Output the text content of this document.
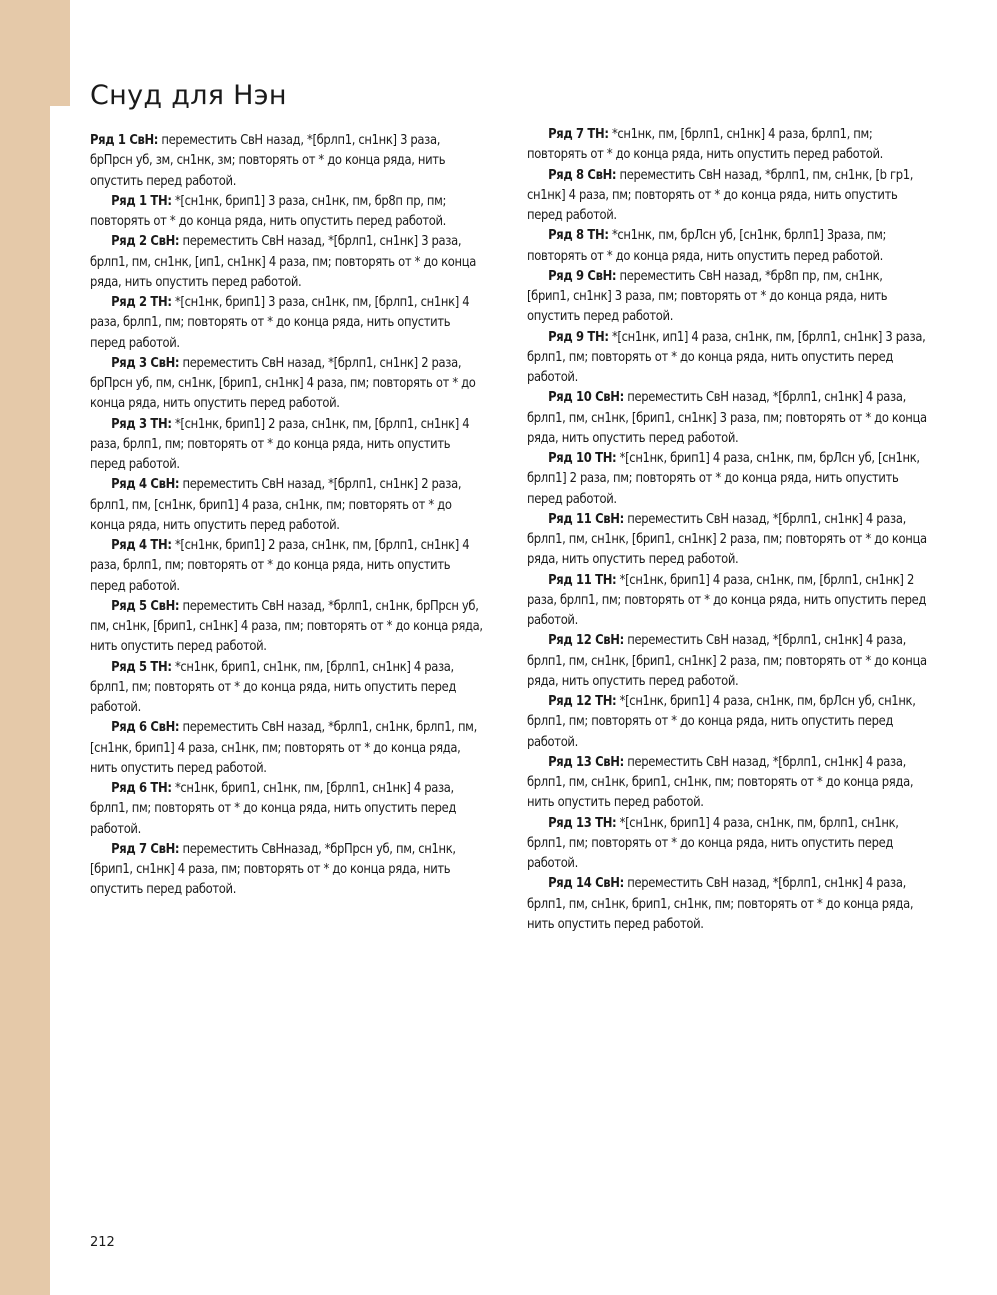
Снуд для Нэн

Ряд 1 СвН: переместить СвН назад, *[брлп1, сн1нк] 3 раза, брПрсн уб, зм, сн1нк, зм; повторять от * до конца ряда, нить опустить перед работой.

Ряд 1 ТН: *[сн1нк, брип1] 3 раза, сн1нк, пм, бр8п пр, пм; повторять от * до конца ряда, нить опустить перед работой.

Ряд 2 СвН: переместить СвН назад, *[брлп1, сн1нк] 3 раза, брлп1, пм, сн1нк, [ип1, сн1нк] 4 раза, пм; повторять от * до конца ряда, нить опустить перед работой.

Ряд 2 ТН: *[сн1нк, брип1] 3 раза, сн1нк, пм, [брлп1, сн1нк] 4 раза, брлп1, пм; повторять от * до конца ряда, нить опустить перед работой.

Ряд 3 СвН: переместить СвН назад, *[брлп1, сн1нк] 2 раза, брПрсн уб, пм, сн1нк, [брип1, сн1нк] 4 раза, пм; повторять от * до конца ряда, нить опустить перед работой.

Ряд 3 ТН: *[сн1нк, брип1] 2 раза, сн1нк, пм, [брлп1, сн1нк] 4 раза, брлп1, пм; повторять от * до конца ряда, нить опустить перед работой.

Ряд 4 СвН: переместить СвН назад, *[брлп1, сн1нк] 2 раза, брлп1, пм, [сн1нк, брип1] 4 раза, сн1нк, пм; повторять от * до конца ряда, нить опустить перед работой.

Ряд 4 ТН: *[сн1нк, брип1] 2 раза, сн1нк, пм, [брлп1, сн1нк] 4 раза, брлп1, пм; повторять от * до конца ряда, нить опустить перед работой.

Ряд 5 СвН: переместить СвН назад, *брлп1, сн1нк, брПрсн уб, пм, сн1нк, [брип1, сн1нк] 4 раза, пм; повторять от * до конца ряда, нить опустить перед работой.

Ряд 5 ТН: *сн1нк, брип1, сн1нк, пм, [брлп1, сн1нк] 4 раза, брлп1, пм; повторять от * до конца ряда, нить опустить перед работой.

Ряд 6 СвН: переместить СвН назад, *брлп1, сн1нк, брлп1, пм, [сн1нк, брип1] 4 раза, сн1нк, пм; повторять от * до конца ряда, нить опустить перед работой.

Ряд 6 ТН: *сн1нк, брип1, сн1нк, пм, [брлп1, сн1нк] 4 раза, брлп1, пм; повторять от * до конца ряда, нить опустить перед работой.

Ряд 7 СвН: переместить СвНназад, *брПрсн уб, пм, сн1нк, [брип1, сн1нк] 4 раза, пм; повторять от * до конца ряда, нить опустить перед работой.

Ряд 7 ТН: *сн1нк, пм, [брлп1, сн1нк] 4 раза, брлп1, пм; повторять от * до конца ряда, нить опустить перед работой.

Ряд 8 СвН: переместить СвН назад, *брлп1, пм, сн1нк, [b гр1, сн1нк] 4 раза, пм; повторять от * до конца ряда, нить опустить перед работой.

Ряд 8 ТН: *сн1нк, пм, брЛсн уб, [сн1нк, брлп1] 3раза, пм; повторять от * до конца ряда, нить опустить перед работой.

Ряд 9 СвН: переместить СвН назад, *бр8п пр, пм, сн1нк, [брип1, сн1нк] 3 раза, пм; повторять от * до конца ряда, нить опустить перед работой.

Ряд 9 ТН: *[сн1нк, ип1] 4 раза, сн1нк, пм, [брлп1, сн1нк] 3 раза, брлп1, пм; повторять от * до конца ряда, нить опустить перед работой.

Ряд 10 СвН: переместить СвН назад, *[брлп1, сн1нк] 4 раза, брлп1, пм, сн1нк, [брип1, сн1нк] 3 раза, пм; повторять от * до конца ряда, нить опустить перед работой.

Ряд 10 ТН: *[сн1нк, брип1] 4 раза, сн1нк, пм, брЛсн уб, [сн1нк, брлп1] 2 раза, пм; повторять от * до конца ряда, нить опустить перед работой.

Ряд 11 СвН: переместить СвН назад, *[брлп1, сн1нк] 4 раза, брлп1, пм, сн1нк, [брип1, сн1нк] 2 раза, пм; повторять от * до конца ряда, нить опустить перед работой.

Ряд 11 ТН: *[сн1нк, брип1] 4 раза, сн1нк, пм, [брлп1, сн1нк] 2 раза, брлп1, пм; повторять от * до конца ряда, нить опустить перед работой.

Ряд 12 СвН: переместить СвН назад, *[брлп1, сн1нк] 4 раза, брлп1, пм, сн1нк, [брип1, сн1нк] 2 раза, пм; повторять от * до конца ряда, нить опустить перед работой.

Ряд 12 ТН: *[сн1нк, брип1] 4 раза, сн1нк, пм, брЛсн уб, сн1нк, брлп1, пм; повторять от * до конца ряда, нить опустить перед работой.

Ряд 13 СвН: переместить СвН назад, *[брлп1, сн1нк] 4 раза, брлп1, пм, сн1нк, брип1, сн1нк, пм; повторять от * до конца ряда, нить опустить перед работой.

Ряд 13 ТН: *[сн1нк, брип1] 4 раза, сн1нк, пм, брлп1, сн1нк, брлп1, пм; повторять от * до конца ряда, нить опустить перед работой.

Ряд 14 СвН: переместить СвН назад, *[брлп1, сн1нк] 4 раза, брлп1, пм, сн1нк, брип1, сн1нк, пм; повторять от * до конца ряда, нить опустить перед работой.

212
